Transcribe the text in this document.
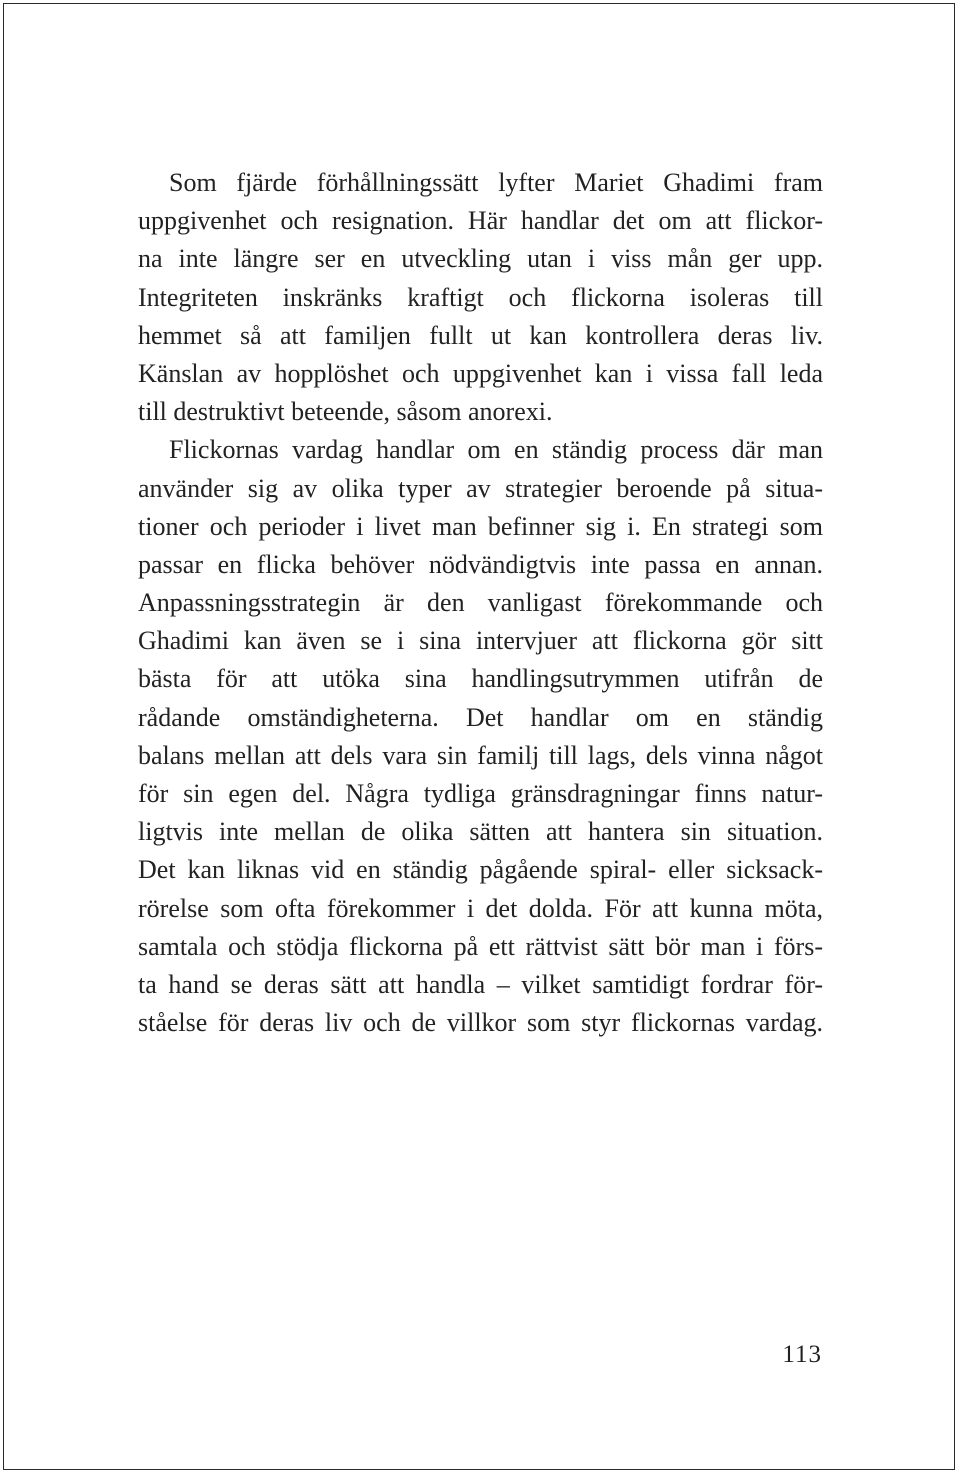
Som fjärde förhållningssätt lyfter Mariet Ghadimi fram
uppgivenhet och resignation. Här handlar det om att flickor-
na inte längre ser en utveckling utan i viss mån ger upp.
Integriteten inskränks kraftigt och flickorna isoleras till
hemmet så att familjen fullt ut kan kontrollera deras liv.
Känslan av hopplöshet och uppgivenhet kan i vissa fall leda
till destruktivt beteende, såsom anorexi.
Flickornas vardag handlar om en ständig process där man
använder sig av olika typer av strategier beroende på situa-
tioner och perioder i livet man befinner sig i. En strategi som
passar en flicka behöver nödvändigtvis inte passa en annan.
Anpassningsstrategin är den vanligast förekommande och
Ghadimi kan även se i sina intervjuer att flickorna gör sitt
bästa för att utöka sina handlingsutrymmen utifrån de
rådande omständigheterna. Det handlar om en ständig
balans mellan att dels vara sin familj till lags, dels vinna något
för sin egen del. Några tydliga gränsdragningar finns natur-
ligtvis inte mellan de olika sätten att hantera sin situation.
Det kan liknas vid en ständig pågående spiral- eller sicksack-
rörelse som ofta förekommer i det dolda. För att kunna möta,
samtala och stödja flickorna på ett rättvist sätt bör man i förs-
ta hand se deras sätt att handla – vilket samtidigt fordrar för-
ståelse för deras liv och de villkor som styr flickornas vardag.
113
